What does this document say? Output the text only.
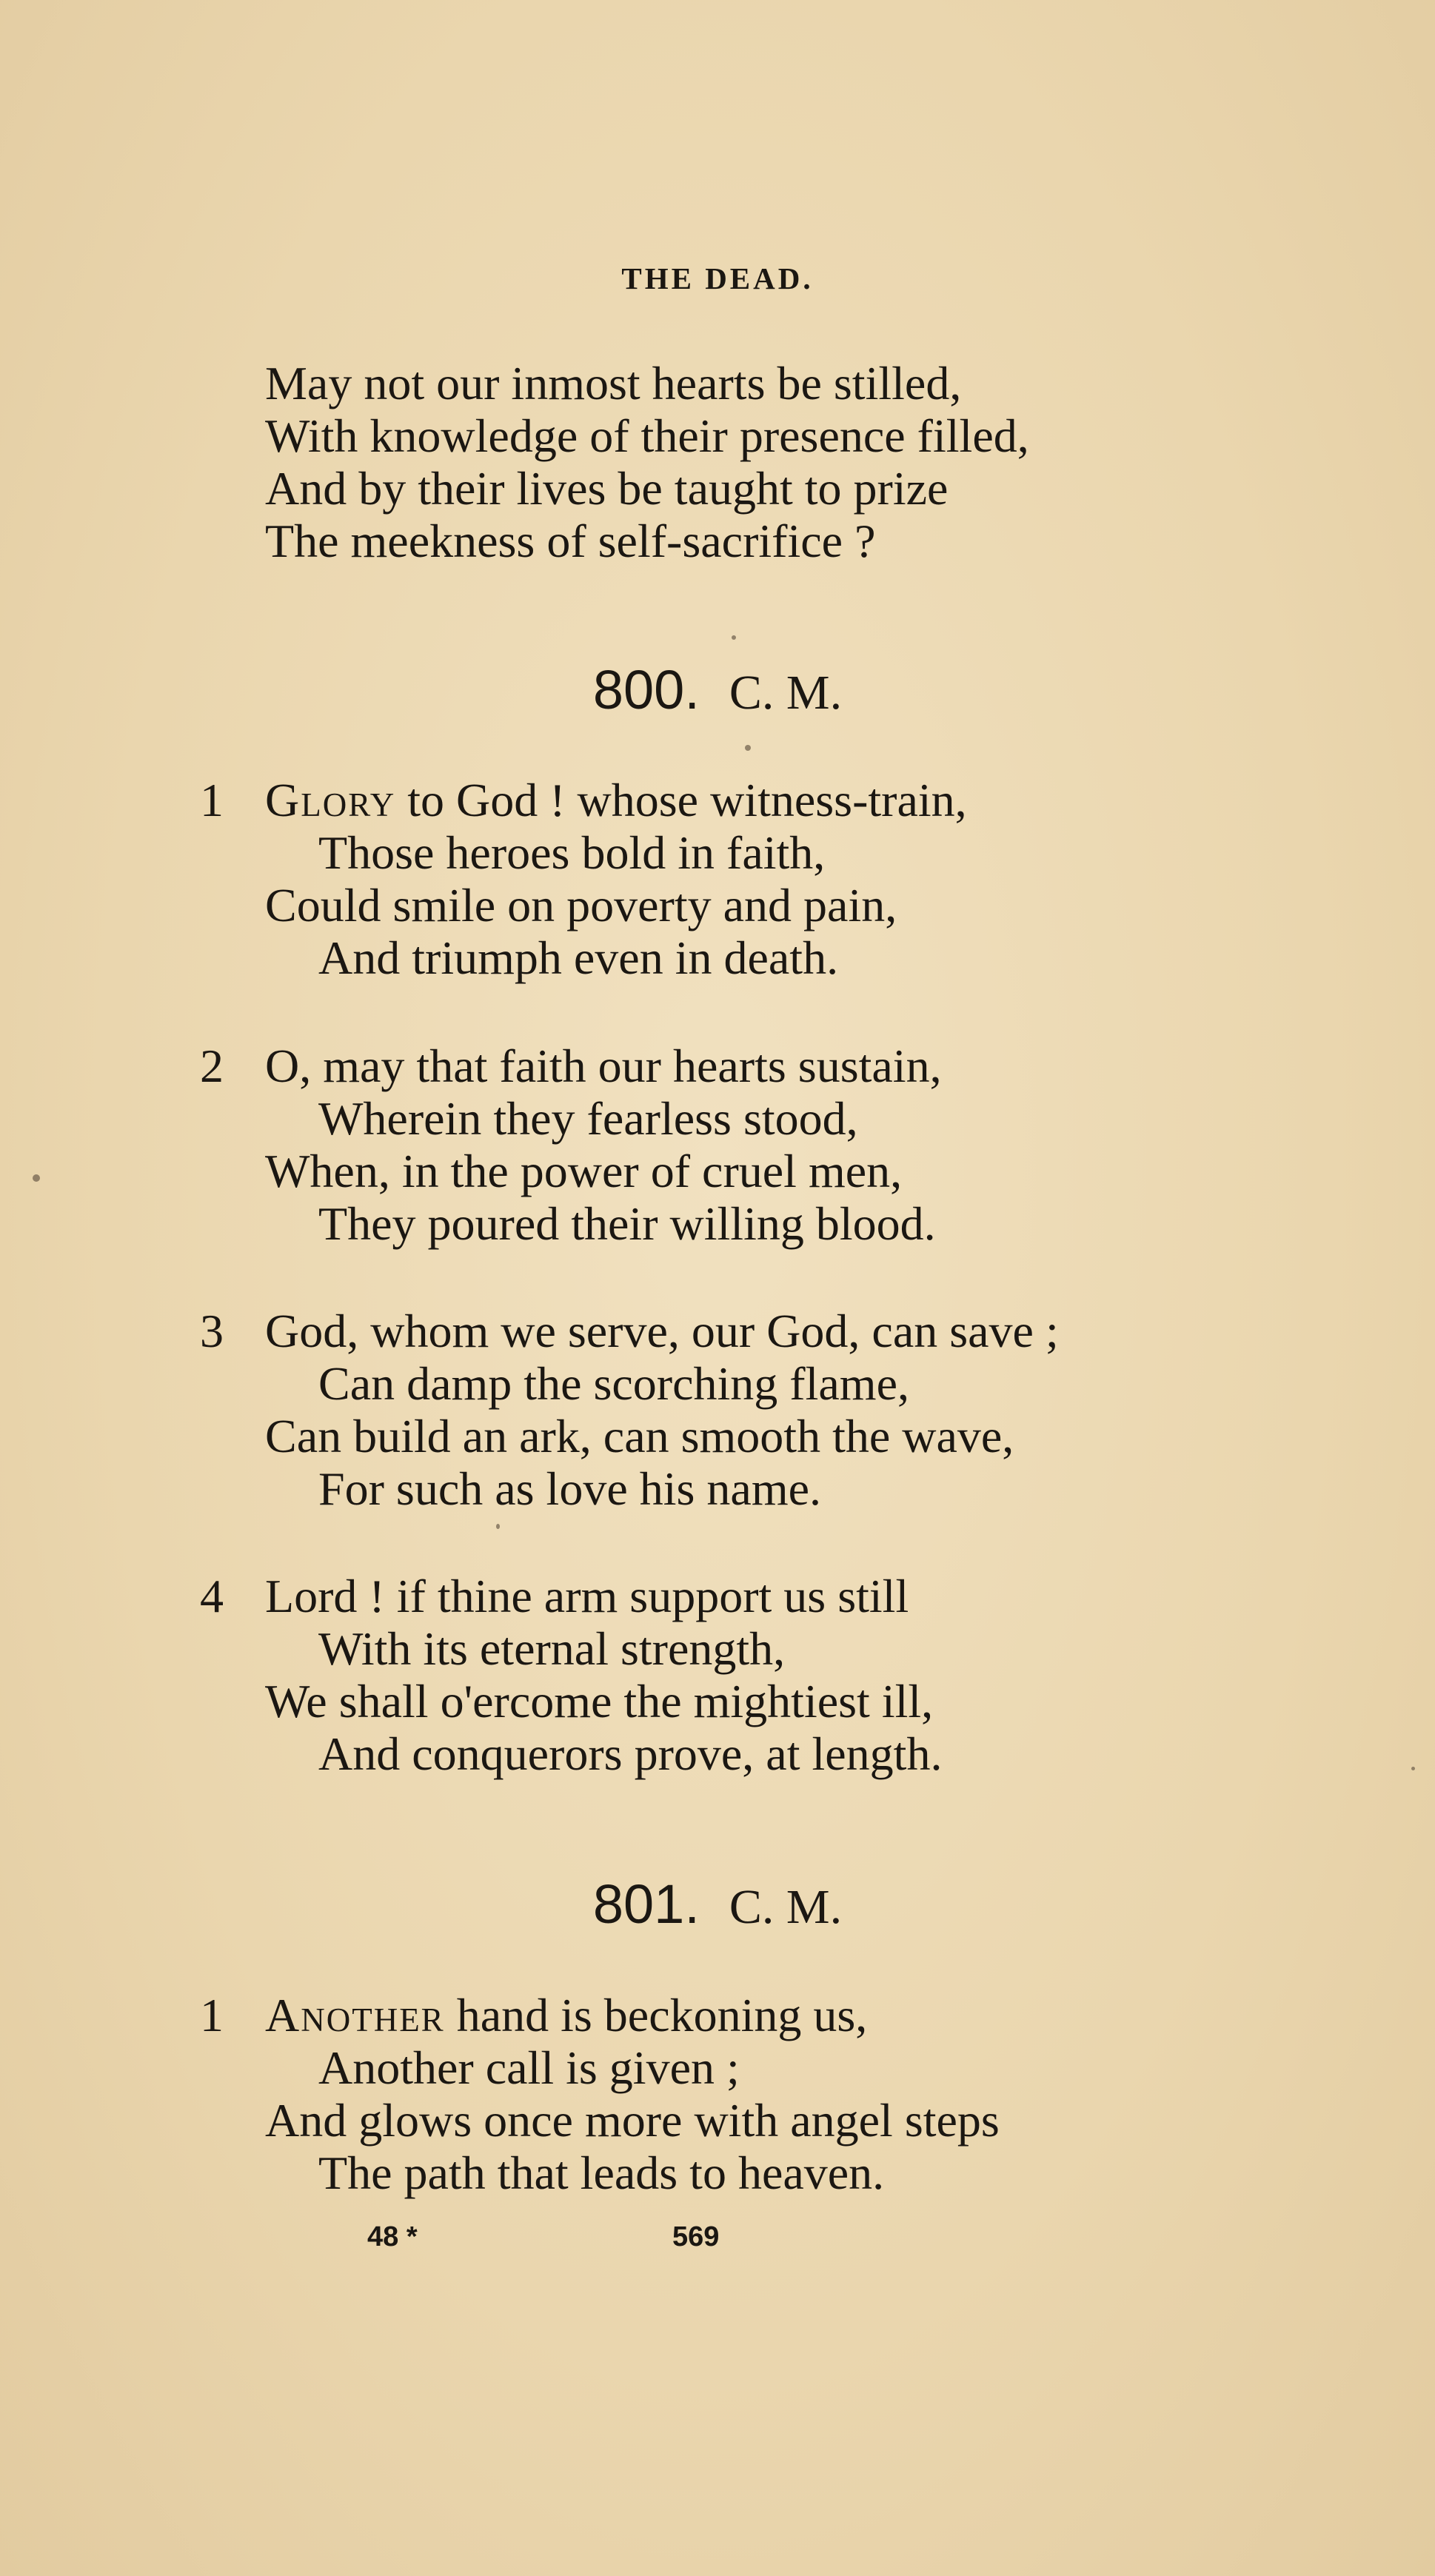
THE DEAD.
May not our inmost hearts be stilled,
With knowledge of their presence filled,
And by their lives be taught to prize
The meekness of self-sacrifice ?
800. C. M.
1 Glory to God ! whose witness-train,
Those heroes bold in faith,
Could smile on poverty and pain,
And triumph even in death.
2 O, may that faith our hearts sustain,
Wherein they fearless stood,
When, in the power of cruel men,
They poured their willing blood.
3 God, whom we serve, our God, can save ;
Can damp the scorching flame,
Can build an ark, can smooth the wave,
For such as love his name.
4 Lord ! if thine arm support us still
With its eternal strength,
We shall o'ercome the mightiest ill,
And conquerors prove, at length.
801. C. M.
1 Another hand is beckoning us,
Another call is given ;
And glows once more with angel steps
The path that leads to heaven.
48 *	569
